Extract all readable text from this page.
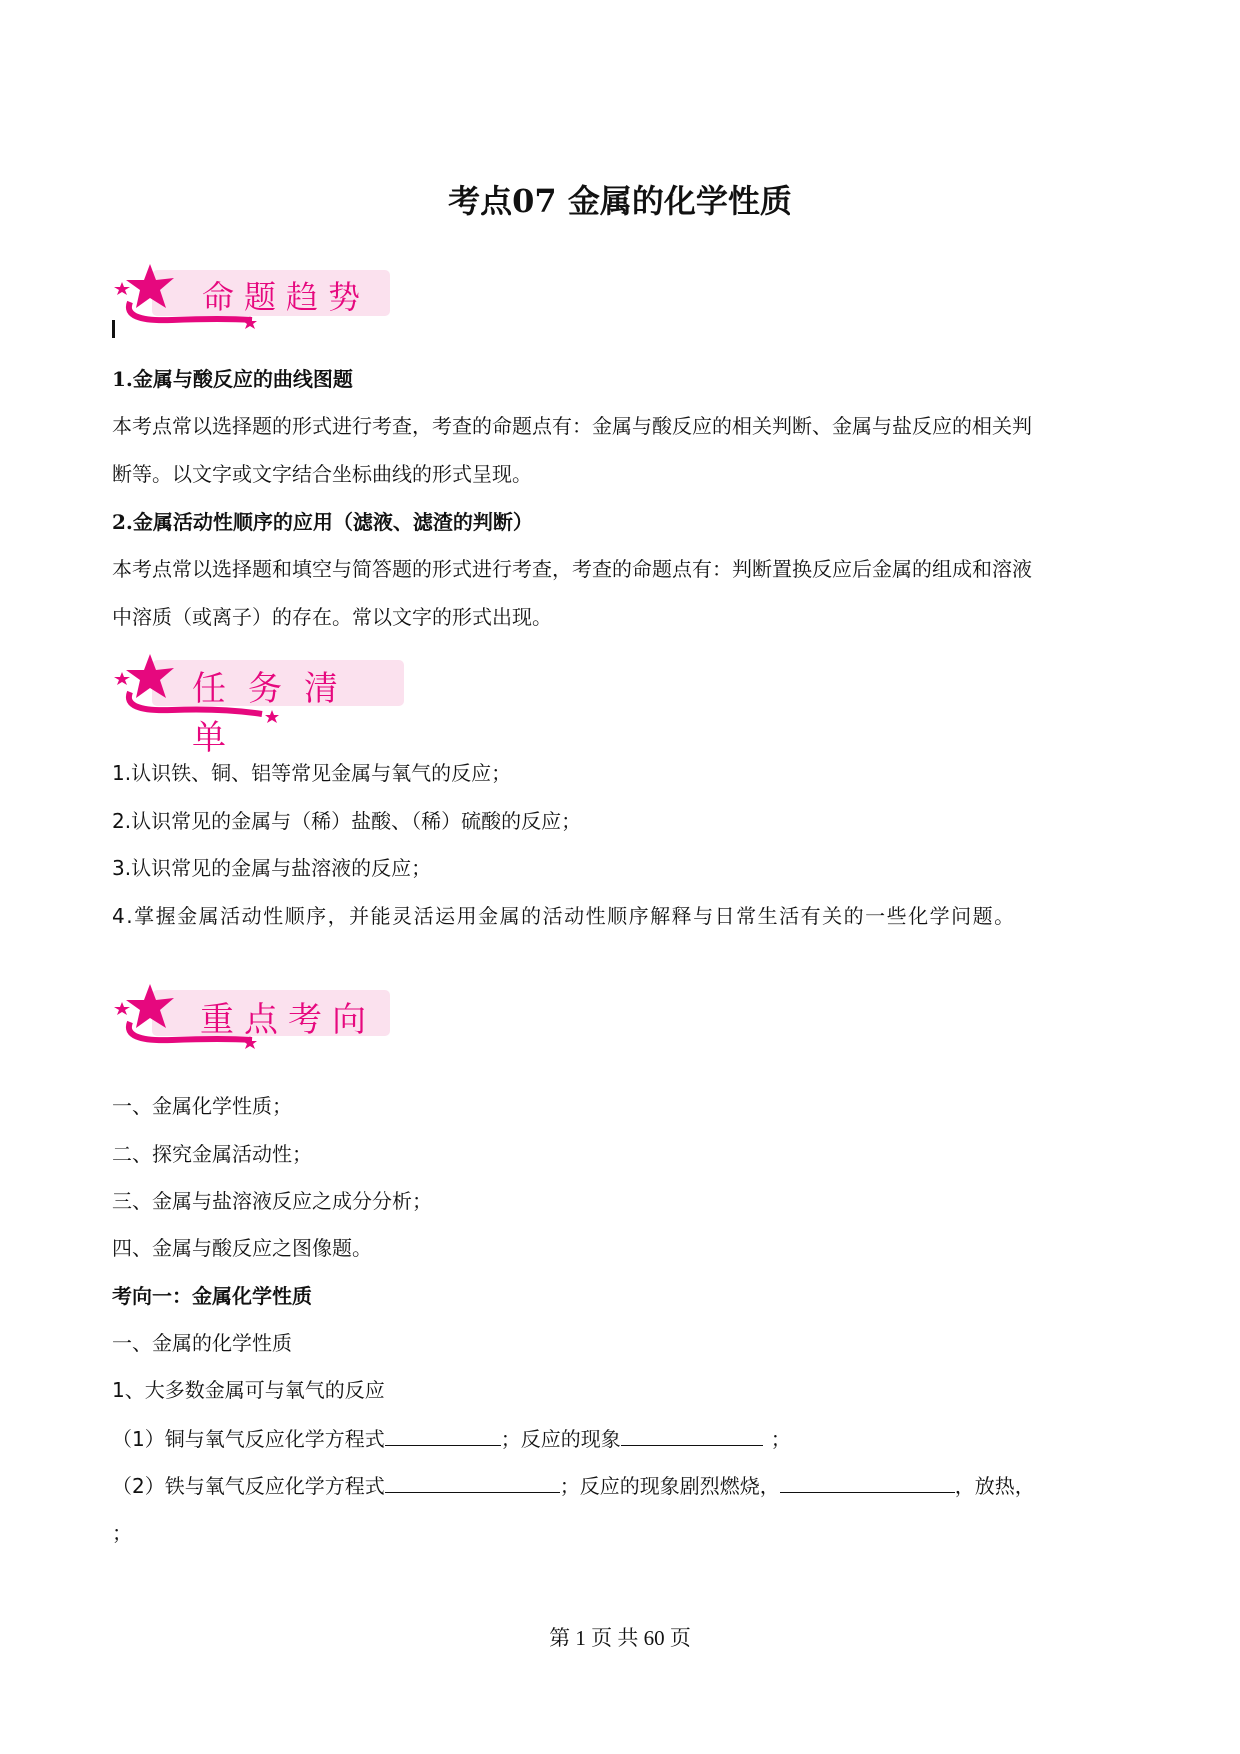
考点07 金属的化学性质
命题趋势
1.金属与酸反应的曲线图题
本考点常以选择题的形式进行考查，考查的命题点有：金属与酸反应的相关判断、金属与盐反应的相关判
断等。以文字或文字结合坐标曲线的形式呈现。
2.金属活动性顺序的应用（滤液、滤渣的判断）
本考点常以选择题和填空与简答题的形式进行考查，考查的命题点有：判断置换反应后金属的组成和溶液
中溶质（或离子）的存在。常以文字的形式出现。
任务清单
1.认识铁、铜、铝等常见金属与氧气的反应；
2.认识常见的金属与（稀）盐酸、（稀）硫酸的反应；
3.认识常见的金属与盐溶液的反应；
4.掌握金属活动性顺序，并能灵活运用金属的活动性顺序解释与日常生活有关的一些化学问题。
重点考向
一、金属化学性质；
二、探究金属活动性；
三、金属与盐溶液反应之成分分析；
四、金属与酸反应之图像题。
考向一：金属化学性质
一、金属的化学性质
1、大多数金属可与氧气的反应
（1）铜与氧气反应化学方程式	；反应的现象	；
（2）铁与氧气反应化学方程式	；反应的现象剧烈燃烧，	，放热，
；
第 1 页 共 60 页
